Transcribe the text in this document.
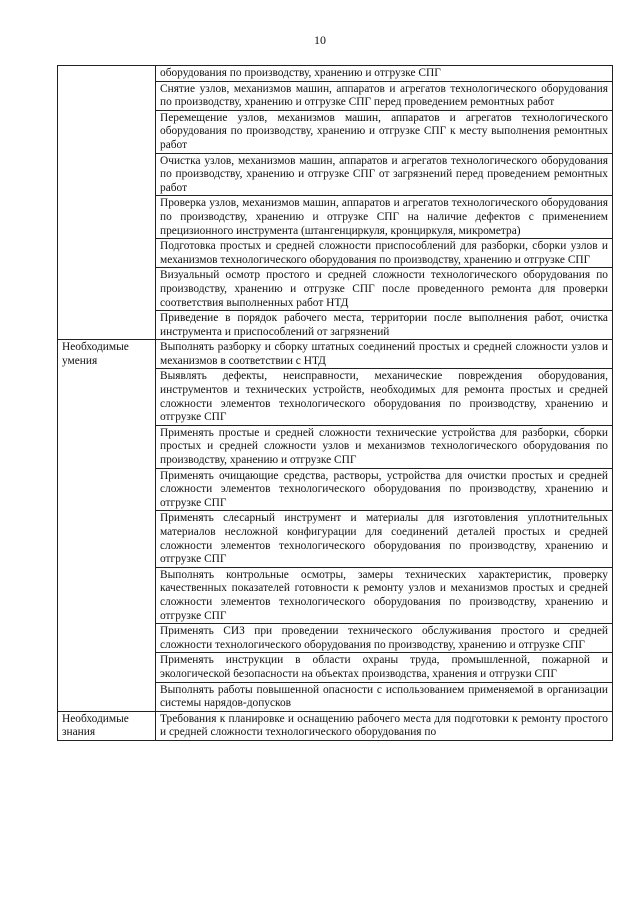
10
	оборудования по производству, хранению и отгрузке СПГ
	Снятие узлов, механизмов машин, аппаратов и агрегатов технологического оборудования по производству, хранению и отгрузке СПГ перед проведением ремонтных работ
	Перемещение узлов, механизмов машин, аппаратов и агрегатов технологического оборудования по производству, хранению и отгрузке СПГ к месту выполнения ремонтных работ
	Очистка узлов, механизмов машин, аппаратов и агрегатов технологического оборудования по производству, хранению и отгрузке СПГ от загрязнений перед проведением ремонтных работ
	Проверка узлов, механизмов машин, аппаратов и агрегатов технологического оборудования по производству, хранению и отгрузке СПГ на наличие дефектов с применением прецизионного инструмента (штангенциркуля, кронциркуля, микрометра)
	Подготовка простых и средней сложности приспособлений для разборки, сборки узлов и механизмов технологического оборудования по производству, хранению и отгрузке СПГ
	Визуальный осмотр простого и средней сложности технологического оборудования по производству, хранению и отгрузке СПГ после проведенного ремонта для проверки соответствия выполненных работ НТД
	Приведение в порядок рабочего места, территории после выполнения работ, очистка инструмента и приспособлений от загрязнений
Необходимые умения	Выполнять разборку и сборку штатных соединений простых и средней сложности узлов и механизмов в соответствии с НТД
	Выявлять дефекты, неисправности, механические повреждения оборудования, инструментов и технических устройств, необходимых для ремонта простых и средней сложности элементов технологического оборудования по производству, хранению и отгрузке СПГ
	Применять простые и средней сложности технические устройства для разборки, сборки простых и средней сложности узлов и механизмов технологического оборудования по производству, хранению и отгрузке СПГ
	Применять очищающие средства, растворы, устройства для очистки простых и средней сложности элементов технологического оборудования по производству, хранению и отгрузке СПГ
	Применять слесарный инструмент и материалы для изготовления уплотнительных материалов несложной конфигурации для соединений деталей простых и средней сложности элементов технологического оборудования по производству, хранению и отгрузке СПГ
	Выполнять контрольные осмотры, замеры технических характеристик, проверку качественных показателей готовности к ремонту узлов и механизмов простых и средней сложности элементов технологического оборудования по производству, хранению и отгрузке СПГ
	Применять СИЗ при проведении технического обслуживания простого и средней сложности технологического оборудования по производству, хранению и отгрузке СПГ
	Применять инструкции в области охраны труда, промышленной, пожарной и экологической безопасности на объектах производства, хранения и отгрузки СПГ
	Выполнять работы повышенной опасности с использованием применяемой в организации системы нарядов-допусков
Необходимые знания	Требования к планировке и оснащению рабочего места для подготовки к ремонту простого и средней сложности технологического оборудования по
